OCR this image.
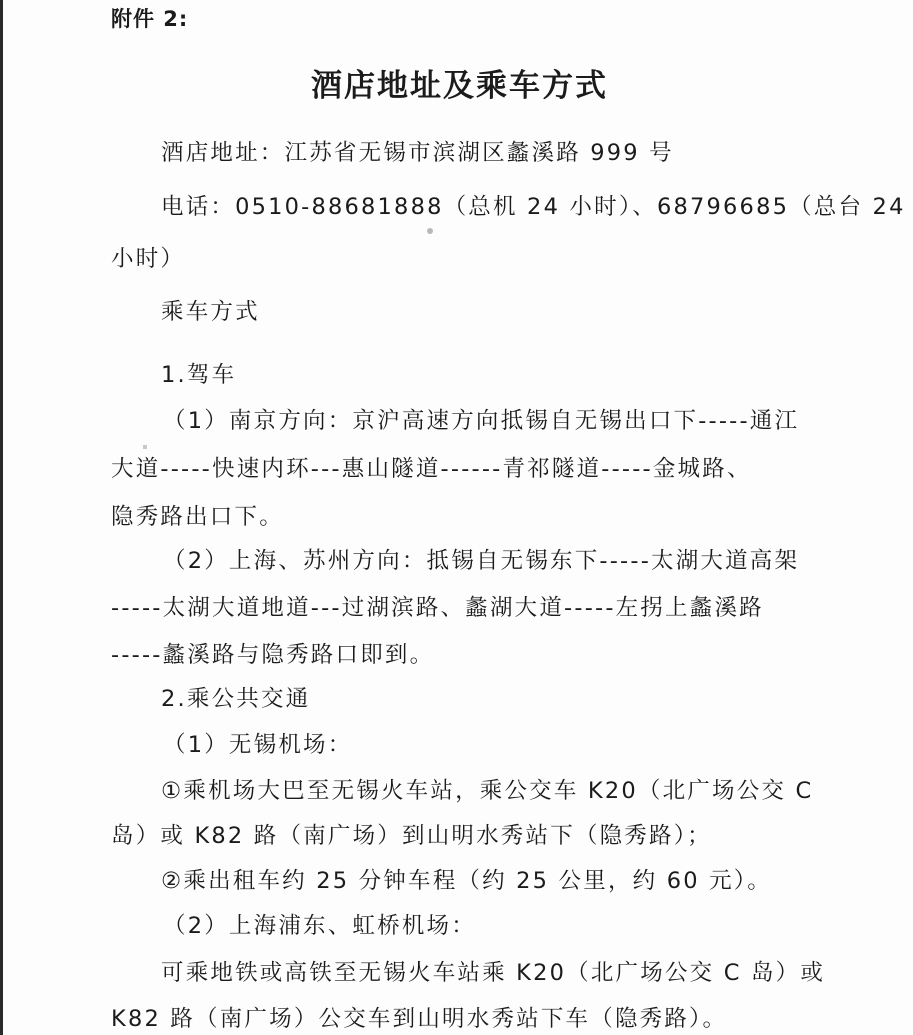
附件 2:
酒店地址及乘车方式
酒店地址：江苏省无锡市滨湖区蠡溪路 999 号
电话：0510-88681888（总机 24 小时）、68796685（总台 24
小时）
乘车方式
1.驾车
（1）南京方向：京沪高速方向抵锡自无锡出口下-----通江
大道-----快速内环---惠山隧道------青祁隧道-----金城路、
隐秀路出口下。
（2）上海、苏州方向：抵锡自无锡东下-----太湖大道高架
-----太湖大道地道---过湖滨路、蠡湖大道-----左拐上蠡溪路
-----蠡溪路与隐秀路口即到。
2.乘公共交通
（1）无锡机场：
①乘机场大巴至无锡火车站，乘公交车 K20（北广场公交 C
岛）或 K82 路（南广场）到山明水秀站下（隐秀路）；
②乘出租车约 25 分钟车程（约 25 公里，约 60 元）。
（2）上海浦东、虹桥机场：
可乘地铁或高铁至无锡火车站乘 K20（北广场公交 C 岛）或
K82 路（南广场）公交车到山明水秀站下车（隐秀路）。
